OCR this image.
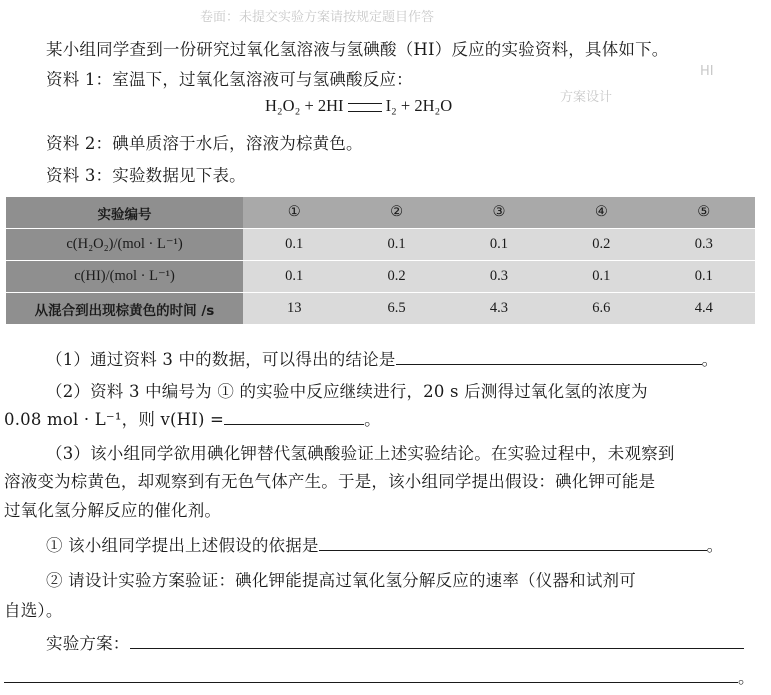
卷面：未提交实验方案请按规定题目作答
方案设计
HI
某小组同学查到一份研究过氧化氢溶液与氢碘酸（HI）反应的实验资料，具体如下。
资料 1：室温下，过氧化氢溶液可与氢碘酸反应：
H₂O₂ + 2HI	I₂ + 2H₂O
资料 2：碘单质溶于水后，溶液为棕黄色。
资料 3：实验数据见下表。
实验编号	①	②	③	④	⑤
c(H₂O₂)/(mol · L⁻¹)	0.1	0.1	0.1	0.2	0.3
c(HI)/(mol · L⁻¹)	0.1	0.2	0.3	0.1	0.1
从混合到出现棕黄色的时间 /s	13	6.5	4.3	6.6	4.4
（1）通过资料 3 中的数据，可以得出的结论是	。
（2）资料 3 中编号为 ① 的实验中反应继续进行，20 s 后测得过氧化氢的浓度为
0.08 mol · L⁻¹，则 v(HI) =	。
（3）该小组同学欲用碘化钾替代氢碘酸验证上述实验结论。在实验过程中，未观察到
溶液变为棕黄色，却观察到有无色气体产生。于是，该小组同学提出假设：碘化钾可能是
过氧化氢分解反应的催化剂。
① 该小组同学提出上述假设的依据是	。
② 请设计实验方案验证：碘化钾能提高过氧化氢分解反应的速率（仪器和试剂可
自选）。
实验方案：
。
